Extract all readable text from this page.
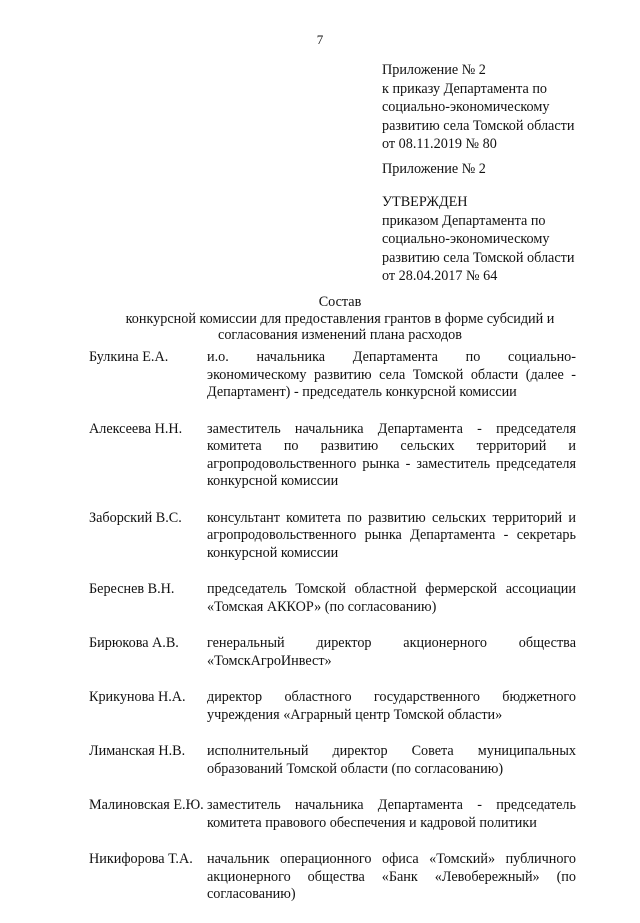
7
Приложение № 2
к приказу Департамента по
социально-экономическому
развитию села Томской области
от 08.11.2019 № 80
Приложение № 2
УТВЕРЖДЕН
приказом Департамента по
социально-экономическому
развитию села Томской области
от 28.04.2017 № 64
Состав
конкурсной комиссии для предоставления грантов в форме субсидий и
согласования изменений плана расходов
Булкина Е.А.	и.о. начальника Департамента по социально-экономическому развитию села Томской области (далее - Департамент) - председатель конкурсной комиссии
Алексеева Н.Н.	заместитель начальника Департамента - председателя комитета по развитию сельских территорий и агропродовольственного рынка - заместитель председателя конкурсной комиссии
Заборский В.С.	консультант комитета по развитию сельских территорий и агропродовольственного рынка Департамента - секретарь конкурсной комиссии
Береснев В.Н.	председатель Томской областной фермерской ассоциации «Томская АККОР» (по согласованию)
Бирюкова А.В.	генеральный директор акционерного общества «ТомскАгроИнвест»
Крикунова Н.А.	директор областного государственного бюджетного учреждения «Аграрный центр Томской области»
Лиманская Н.В.	исполнительный директор Совета муниципальных образований Томской области (по согласованию)
Малиновская Е.Ю. заместитель начальника Департамента - председатель комитета правового обеспечения и кадровой политики
Никифорова Т.А.	начальник операционного офиса «Томский» публичного акционерного общества «Банк «Левобережный» (по согласованию)
